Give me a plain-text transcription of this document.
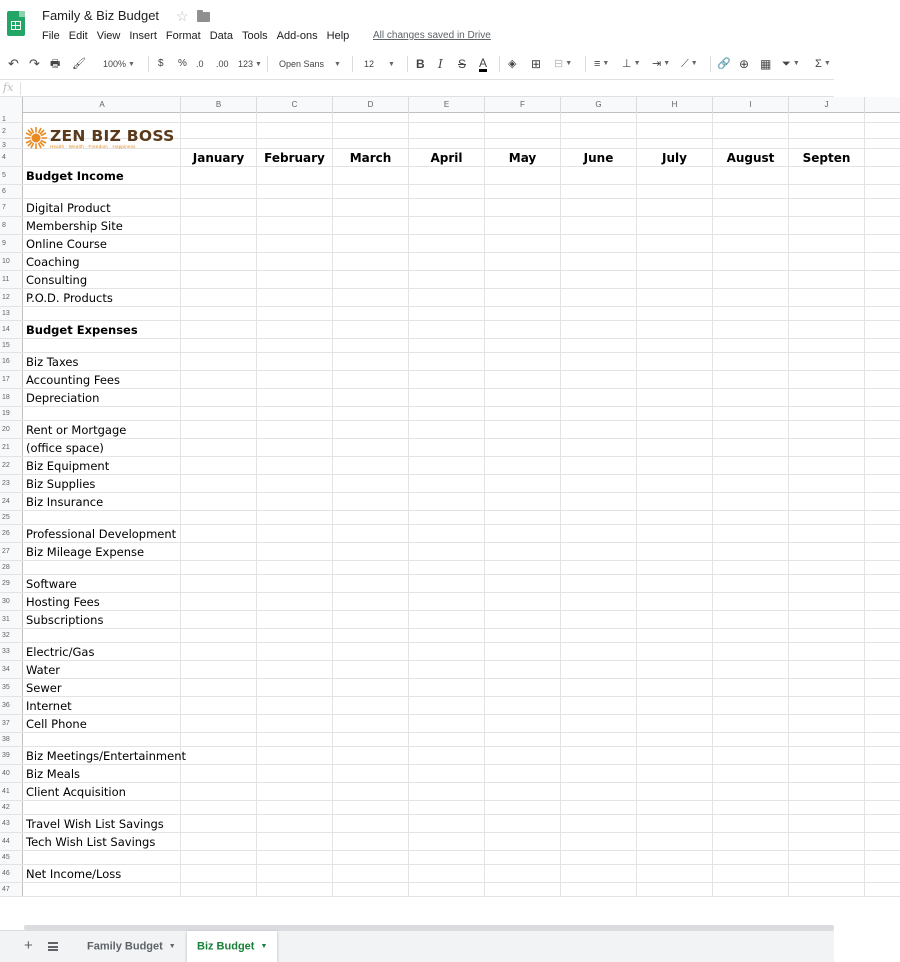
Family & Biz Budget ☆
File Edit View Insert Format Data Tools Add-ons Help All changes saved in Drive
↶ ↷ 🖶 🖌 100% ▼ $ % .0 .00 123 ▼ Open Sans ▼	12 ▼	B I S A ◈ ⊞ ⊟ ▼ ≡ ▼ ⊥ ▼ ⇥ ▼ ⟋ ▼ 🔗 ⊕ ▦ ⏷ ▼ Σ ▼
fx
A	B	C	D	E	F	G	H	I	J
1
2
3
4	January	February	March	April	May	June	July	August	Septen
5	Budget Income
6
7	Digital Product
8	Membership Site
9	Online Course
10	Coaching
11	Consulting
12	P.O.D. Products
13
14	Budget Expenses
15
16	Biz Taxes
17	Accounting Fees
18	Depreciation
19
20	Rent or Mortgage
21	(office space)
22	Biz Equipment
23	Biz Supplies
24	Biz Insurance
25
26	Professional Development
27	Biz Mileage Expense
28
29	Software
30	Hosting Fees
31	Subscriptions
32
33	Electric/Gas
34	Water
35	Sewer
36	Internet
37	Cell Phone
38
39	Biz Meetings/Entertainment
40	Biz Meals
41	Client Acquisition
42
43	Travel Wish List Savings
44	Tech Wish List Savings
45
46	Net Income/Loss
47
ZEN BIZ BOSS
Health · Wealth · Freedom · Happiness
+	Family Budget ▼	Biz Budget ▼
